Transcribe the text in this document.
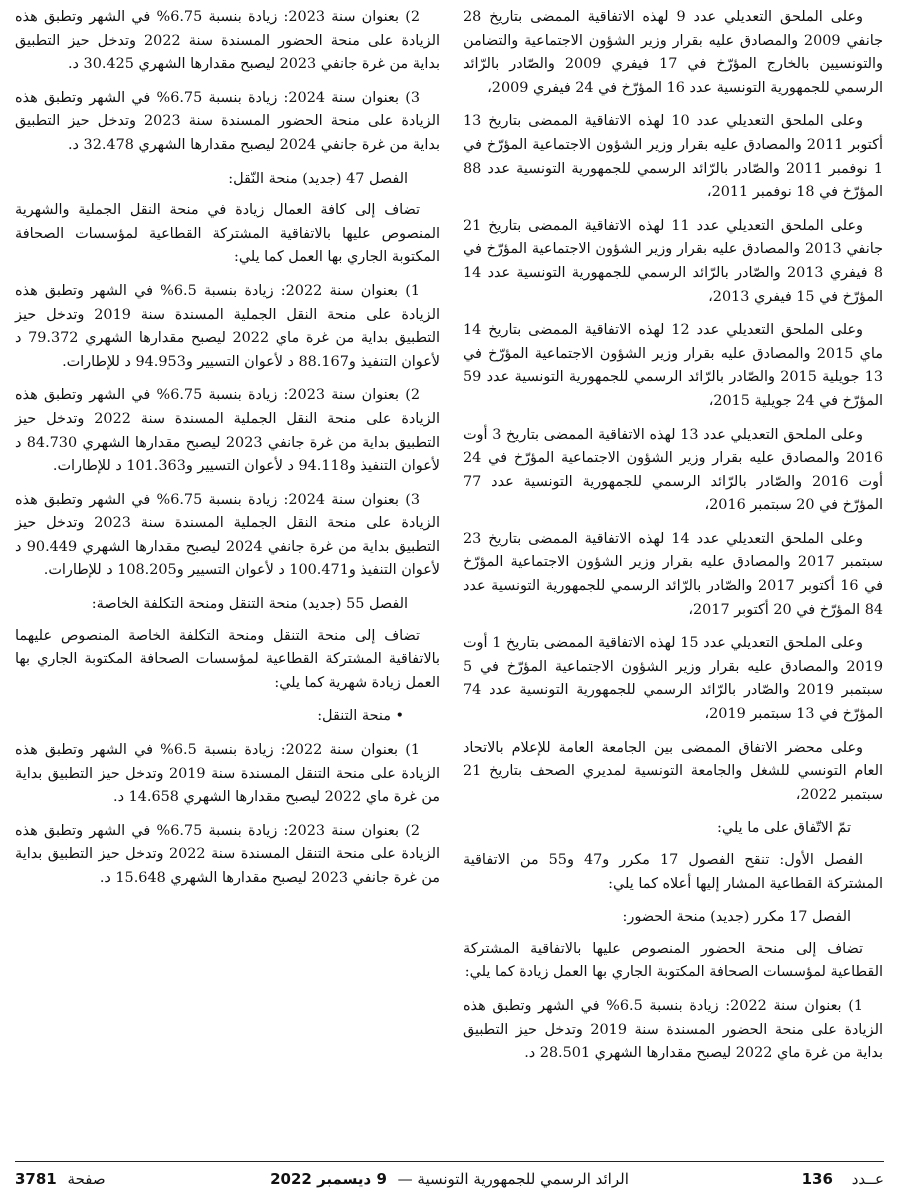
وعلى الملحق التعديلي عدد 9 لهذه الاتفاقية الممضى بتاريخ 28 جانفي 2009 والمصادق عليه بقرار وزير الشؤون الاجتماعية والتضامن والتونسيين بالخارج المؤرّخ في 17 فيفري 2009 والصّادر بالرّائد الرسمي للجمهورية التونسية عدد 16 المؤرّخ في 24 فيفري 2009،

وعلى الملحق التعديلي عدد 10 لهذه الاتفاقية الممضى بتاريخ 13 أكتوبر 2011 والمصادق عليه بقرار وزير الشؤون الاجتماعية المؤرّخ في 1 نوفمبر 2011 والصّادر بالرّائد الرسمي للجمهورية التونسية عدد 88 المؤرّخ في 18 نوفمبر 2011،

وعلى الملحق التعديلي عدد 11 لهذه الاتفاقية الممضى بتاريخ 21 جانفي 2013 والمصادق عليه بقرار وزير الشؤون الاجتماعية المؤرّخ في 8 فيفري 2013 والصّادر بالرّائد الرسمي للجمهورية التونسية عدد 14 المؤرّخ في 15 فيفري 2013،

وعلى الملحق التعديلي عدد 12 لهذه الاتفاقية الممضى بتاريخ 14 ماي 2015 والمصادق عليه بقرار وزير الشؤون الاجتماعية المؤرّخ في 13 جويلية 2015 والصّادر بالرّائد الرسمي للجمهورية التونسية عدد 59 المؤرّخ في 24 جويلية 2015،

وعلى الملحق التعديلي عدد 13 لهذه الاتفاقية الممضى بتاريخ 3 أوت 2016 والمصادق عليه بقرار وزير الشؤون الاجتماعية المؤرّخ في 24 أوت 2016 والصّادر بالرّائد الرسمي للجمهورية التونسية عدد 77 المؤرّخ في 20 سبتمبر 2016،

وعلى الملحق التعديلي عدد 14 لهذه الاتفاقية الممضى بتاريخ 23 سبتمبر 2017 والمصادق عليه بقرار وزير الشؤون الاجتماعية المؤرّخ في 16 أكتوبر 2017 والصّادر بالرّائد الرسمي للجمهورية التونسية عدد 84 المؤرّخ في 20 أكتوبر 2017،

وعلى الملحق التعديلي عدد 15 لهذه الاتفاقية الممضى بتاريخ 1 أوت 2019 والمصادق عليه بقرار وزير الشؤون الاجتماعية المؤرّخ في 5 سبتمبر 2019 والصّادر بالرّائد الرسمي للجمهورية التونسية عدد 74 المؤرّخ في 13 سبتمبر 2019،

وعلى محضر الاتفاق الممضى بين الجامعة العامة للإعلام بالاتحاد العام التونسي للشغل والجامعة التونسية لمديري الصحف بتاريخ 21 سبتمبر 2022،

تمّ الاتّفاق على ما يلي:

الفصل الأول: تنقح الفصول 17 مكرر و47 و55 من الاتفاقية المشتركة القطاعية المشار إليها أعلاه كما يلي:

الفصل 17 مكرر (جديد) منحة الحضور:

تضاف إلى منحة الحضور المنصوص عليها بالاتفاقية المشتركة القطاعية لمؤسسات الصحافة المكتوبة الجاري بها العمل زيادة كما يلي:

1) بعنوان سنة 2022: زيادة بنسبة 6.5% في الشهر وتطبق هذه الزيادة على منحة الحضور المسندة سنة 2019 وتدخل حيز التطبيق بداية من غرة ماي 2022 ليصبح مقدارها الشهري 28.501 د.

2) بعنوان سنة 2023: زيادة بنسبة 6.75% في الشهر وتطبق هذه الزيادة على منحة الحضور المسندة سنة 2022 وتدخل حيز التطبيق بداية من غرة جانفي 2023 ليصبح مقدارها الشهري 30.425 د.

3) بعنوان سنة 2024: زيادة بنسبة 6.75% في الشهر وتطبق هذه الزيادة على منحة الحضور المسندة سنة 2023 وتدخل حيز التطبيق بداية من غرة جانفي 2024 ليصبح مقدارها الشهري 32.478 د.

الفصل 47 (جديد) منحة النّقل:

تضاف إلى كافة العمال زيادة في منحة النقل الجملية والشهرية المنصوص عليها بالاتفاقية المشتركة القطاعية لمؤسسات الصحافة المكتوبة الجاري بها العمل كما يلي:

1) بعنوان سنة 2022: زيادة بنسبة 6.5% في الشهر وتطبق هذه الزيادة على منحة النقل الجملية المسندة سنة 2019 وتدخل حيز التطبيق بداية من غرة ماي 2022 ليصبح مقدارها الشهري 79.372 د لأعوان التنفيذ و88.167 د لأعوان التسيير و94.953 د للإطارات.

2) بعنوان سنة 2023: زيادة بنسبة 6.75% في الشهر وتطبق هذه الزيادة على منحة النقل الجملية المسندة سنة 2022 وتدخل حيز التطبيق بداية من غرة جانفي 2023 ليصبح مقدارها الشهري 84.730 د لأعوان التنفيذ و94.118 د لأعوان التسيير و101.363 د للإطارات.

3) بعنوان سنة 2024: زيادة بنسبة 6.75% في الشهر وتطبق هذه الزيادة على منحة النقل الجملية المسندة سنة 2023 وتدخل حيز التطبيق بداية من غرة جانفي 2024 ليصبح مقدارها الشهري 90.449 د لأعوان التنفيذ و100.471 د لأعوان التسيير و108.205 د للإطارات.

الفصل 55 (جديد) منحة التنقل ومنحة التكلفة الخاصة:

تضاف إلى منحة التنقل ومنحة التكلفة الخاصة المنصوص عليهما بالاتفاقية المشتركة القطاعية لمؤسسات الصحافة المكتوبة الجاري بها العمل زيادة شهرية كما يلي:

• منحة التنقل:

1) بعنوان سنة 2022: زيادة بنسبة 6.5% في الشهر وتطبق هذه الزيادة على منحة التنقل المسندة سنة 2019 وتدخل حيز التطبيق بداية من غرة ماي 2022 ليصبح مقدارها الشهري 14.658 د.

2) بعنوان سنة 2023: زيادة بنسبة 6.75% في الشهر وتطبق هذه الزيادة على منحة التنقل المسندة سنة 2022 وتدخل حيز التطبيق بداية من غرة جانفي 2023 ليصبح مقدارها الشهري 15.648 د.

عــدد 136
الرائد الرسمي للجمهورية التونسية — 9 ديسمبر 2022
صفحة 3781
